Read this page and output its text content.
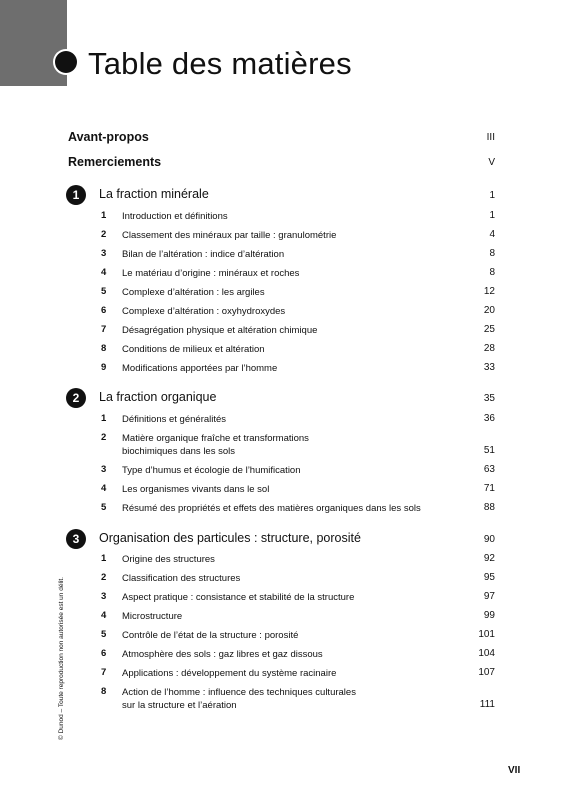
Table des matières
Avant-propos	III
Remerciements	V
1	La fraction minérale	1
1 Introduction et définitions	1
2 Classement des minéraux par taille : granulométrie	4
3 Bilan de l’altération : indice d’altération	8
4 Le matériau d’origine : minéraux et roches	8
5 Complexe d’altération : les argiles	12
6 Complexe d’altération : oxyhydroxydes	20
7 Désagrégation physique et altération chimique	25
8 Conditions de milieux et altération	28
9 Modifications apportées par l’homme	33
2	La fraction organique	35
1 Définitions et généralités	36
2 Matière organique fraîche et transformations
biochimiques dans les sols	51
3 Type d’humus et écologie de l’humification	63
4 Les organismes vivants dans le sol	71
5 Résumé des propriétés et effets des matières organiques dans les sols	88
3	Organisation des particules : structure, porosité	90
1 Origine des structures	92
2 Classification des structures	95
3 Aspect pratique : consistance et stabilité de la structure	97
4 Microstructure	99
5 Contrôle de l’état de la structure : porosité	101
6 Atmosphère des sols : gaz libres et gaz dissous	104
7 Applications : développement du système racinaire	107
8 Action de l’homme : influence des techniques culturales
sur la structure et l’aération	111
© Dunod – Toute reproduction non autorisée est un délit.
VII
